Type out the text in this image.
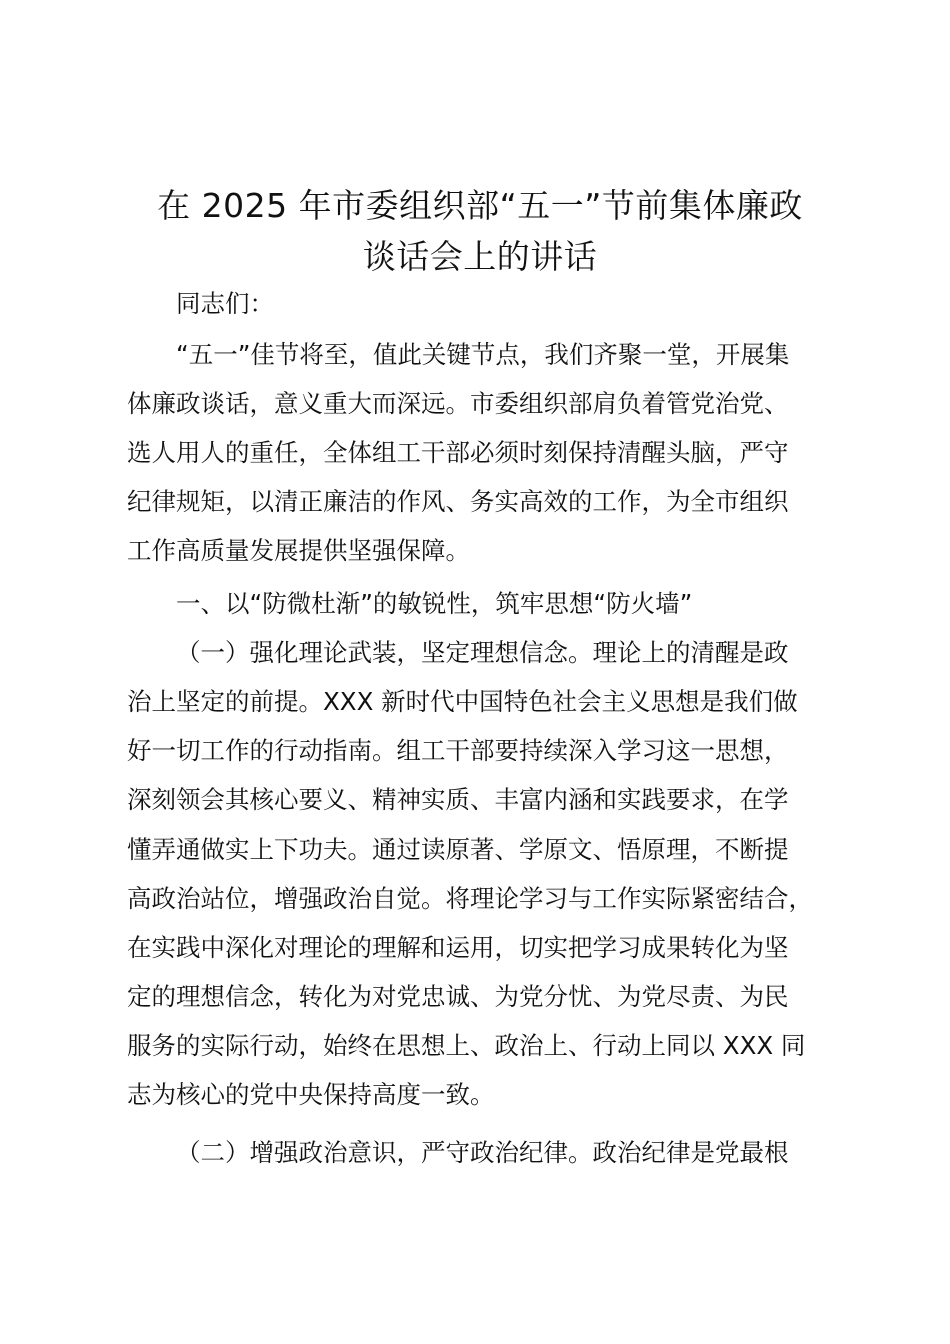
在 2025 年市委组织部“五一”节前集体廉政
谈话会上的讲话

同志们：

“五一”佳节将至，值此关键节点，我们齐聚一堂，开展集

体廉政谈话，意义重大而深远。市委组织部肩负着管党治党、

选人用人的重任，全体组工干部必须时刻保持清醒头脑，严守

纪律规矩，以清正廉洁的作风、务实高效的工作，为全市组织

工作高质量发展提供坚强保障。

一、以“防微杜渐”的敏锐性，筑牢思想“防火墙”

（一）强化理论武装，坚定理想信念。理论上的清醒是政

治上坚定的前提。XXX 新时代中国特色社会主义思想是我们做

好一切工作的行动指南。组工干部要持续深入学习这一思想，

深刻领会其核心要义、精神实质、丰富内涵和实践要求，在学

懂弄通做实上下功夫。通过读原著、学原文、悟原理，不断提

高政治站位，增强政治自觉。将理论学习与工作实际紧密结合，

在实践中深化对理论的理解和运用，切实把学习成果转化为坚

定的理想信念，转化为对党忠诚、为党分忧、为党尽责、为民

服务的实际行动，始终在思想上、政治上、行动上同以 XXX 同

志为核心的党中央保持高度一致。

（二）增强政治意识，严守政治纪律。政治纪律是党最根
